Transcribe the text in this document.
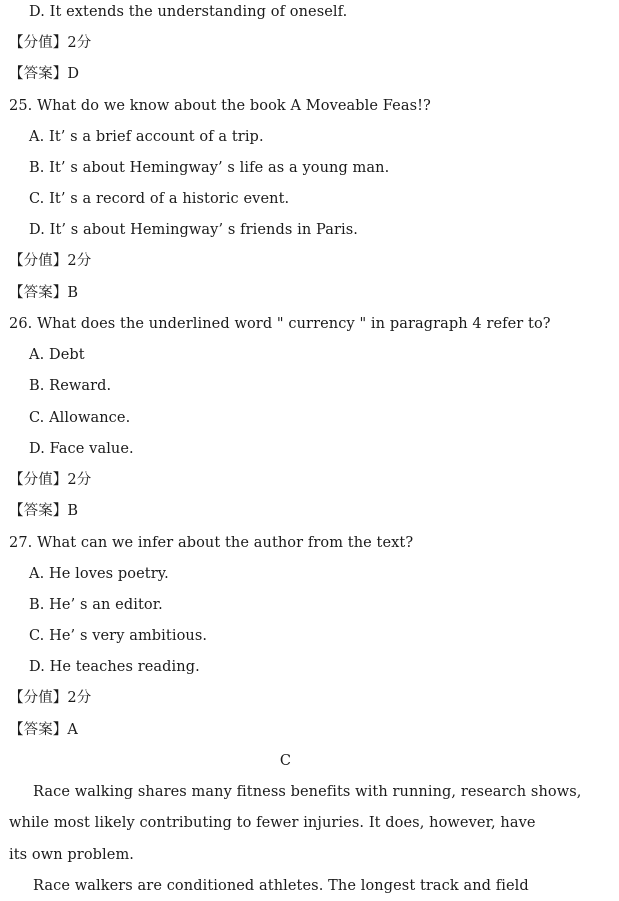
D. It extends the understanding of oneself.
【分值】2分
【答案】D
25. What do we know about the book A Moveable Feas!?
A. It’ s a brief account of a trip.
B. It’ s about Hemingway’ s life as a young man.
C. It’ s a record of a historic event.
D. It’ s about Hemingway’ s friends in Paris.
【分值】2分
【答案】B
26. What does the underlined word " currency " in paragraph 4 refer to?
A. Debt
B. Reward.
C. Allowance.
D. Face value.
【分值】2分
【答案】B
27. What can we infer about the author from the text?
A. He loves poetry.
B. He’ s an editor.
C. He’ s very ambitious.
D. He teaches reading.
【分值】2分
【答案】A
C
Race walking shares many fitness benefits with running, research shows,
while most likely contributing to fewer injuries. It does, however, have
its own problem.
Race walkers are conditioned athletes. The longest track and field
